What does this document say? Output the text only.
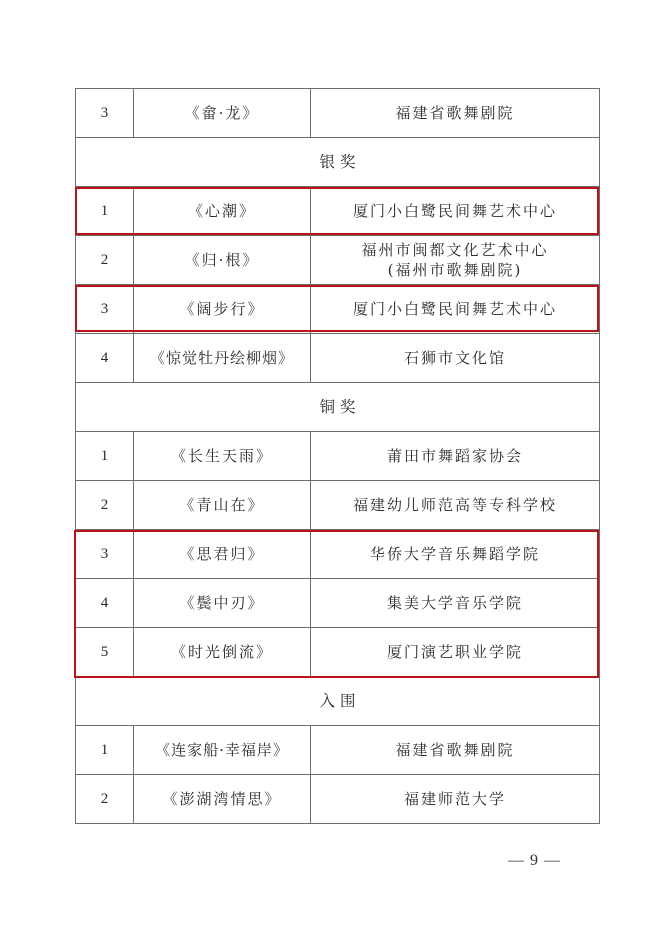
3	《畲·龙》	福建省歌舞剧院

银 奖		
1	《心潮》	厦门小白鹭民间舞艺术中心

2	《归·根》	福州市闽都文化艺术中心
(福州市歌舞剧院)

3	《阔步行》	厦门小白鹭民间舞艺术中心

4	《惊觉牡丹绘柳烟》	石狮市文化馆

铜 奖		
1	《长生天雨》	莆田市舞蹈家协会

2	《青山在》	福建幼儿师范高等专科学校

3	《思君归》	华侨大学音乐舞蹈学院

4	《鬓中刃》	集美大学音乐学院

5	《时光倒流》	厦门演艺职业学院

入 围		
1	《连家船·幸福岸》	福建省歌舞剧院

2	《澎湖湾情思》	福建师范大学
— 9 —
